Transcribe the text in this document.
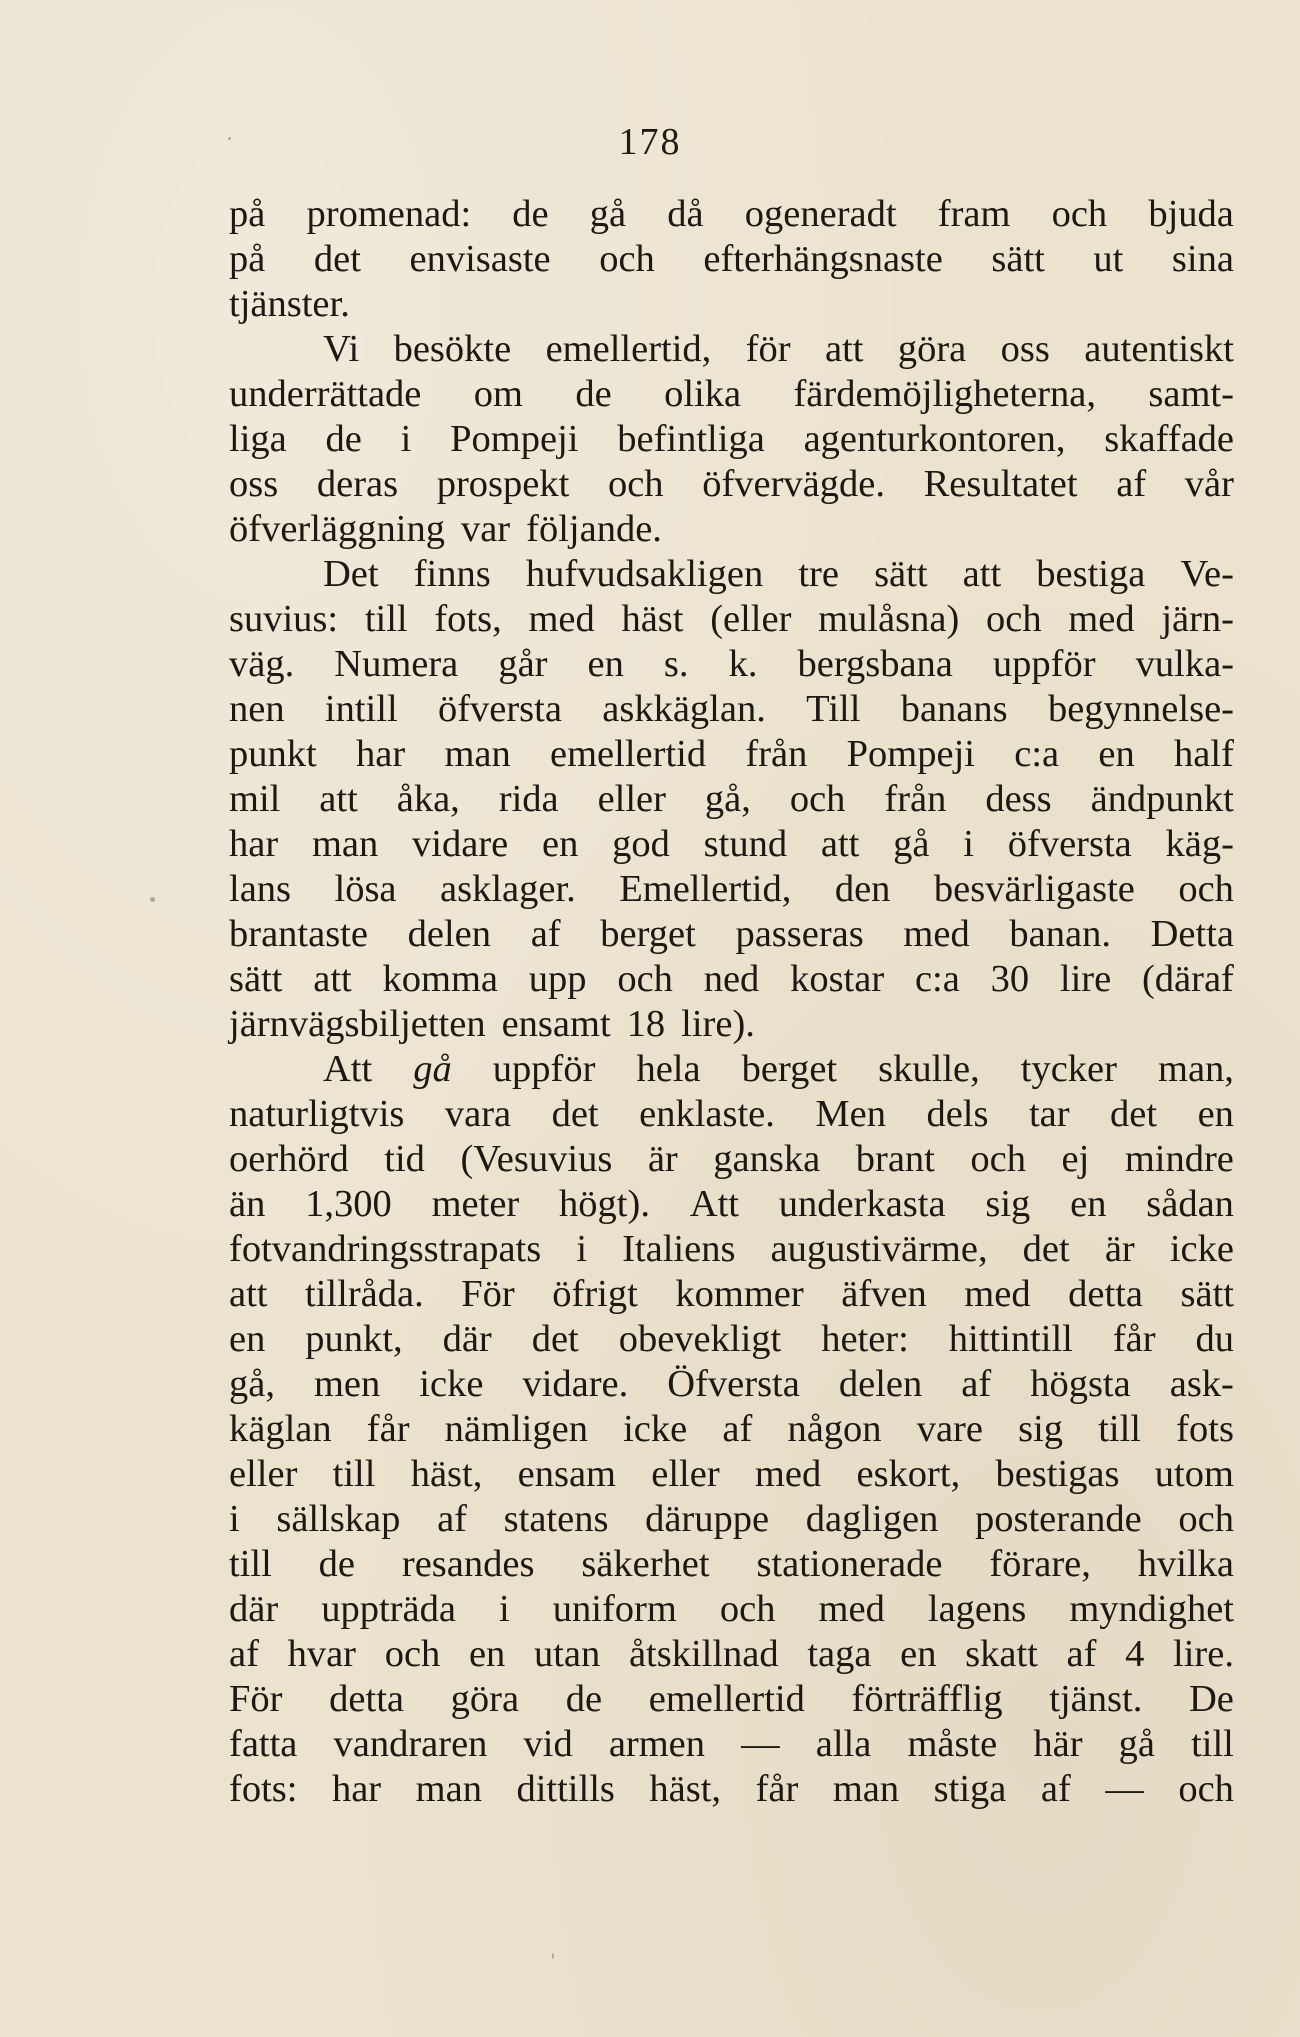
178
på promenad: de gå då ogeneradt fram och bjuda
på det envisaste och efterhängsnaste sätt ut sina
tjänster.
Vi besökte emellertid, för att göra oss autentiskt
underrättade om de olika färdemöjligheterna, samt-
liga de i Pompeji befintliga agenturkontoren, skaffade
oss deras prospekt och öfvervägde. Resultatet af vår
öfverläggning var följande.
Det finns hufvudsakligen tre sätt att bestiga Ve-
suvius: till fots, med häst (eller mulåsna) och med järn-
väg. Numera går en s. k. bergsbana uppför vulka-
nen intill öfversta askkäglan. Till banans begynnelse-
punkt har man emellertid från Pompeji c:a en half
mil att åka, rida eller gå, och från dess ändpunkt
har man vidare en god stund att gå i öfversta käg-
lans lösa asklager. Emellertid, den besvärligaste och
brantaste delen af berget passeras med banan. Detta
sätt att komma upp och ned kostar c:a 30 lire (däraf
järnvägsbiljetten ensamt 18 lire).
Att gå uppför hela berget skulle, tycker man,
naturligtvis vara det enklaste. Men dels tar det en
oerhörd tid (Vesuvius är ganska brant och ej mindre
än 1,300 meter högt). Att underkasta sig en sådan
fotvandringsstrapats i Italiens augustivärme, det är icke
att tillråda. För öfrigt kommer äfven med detta sätt
en punkt, där det obevekligt heter: hittintill får du
gå, men icke vidare. Öfversta delen af högsta ask-
käglan får nämligen icke af någon vare sig till fots
eller till häst, ensam eller med eskort, bestigas utom
i sällskap af statens däruppe dagligen posterande och
till de resandes säkerhet stationerade förare, hvilka
där uppträda i uniform och med lagens myndighet
af hvar och en utan åtskillnad taga en skatt af 4 lire.
För detta göra de emellertid förträfflig tjänst. De
fatta vandraren vid armen — alla måste här gå till
fots: har man dittills häst, får man stiga af — och
